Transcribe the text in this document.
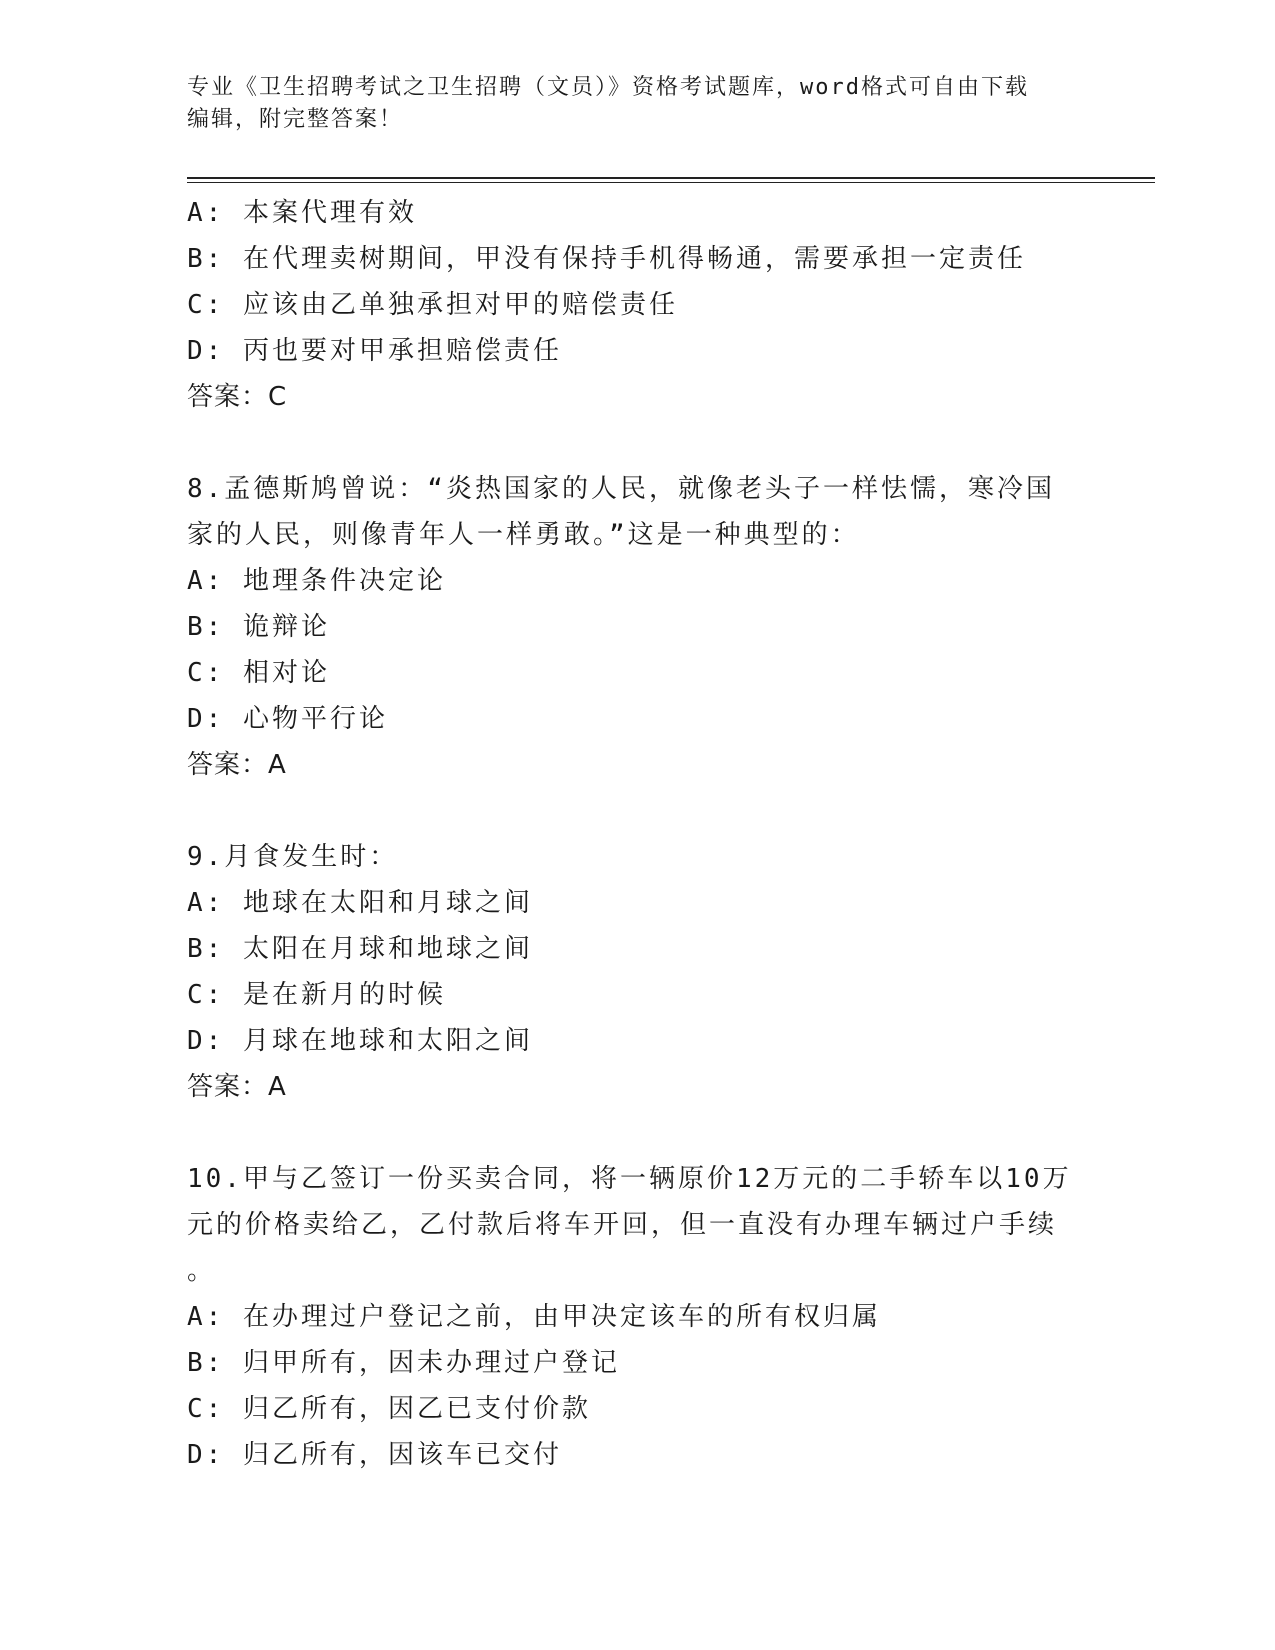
专业《卫生招聘考试之卫生招聘（文员）》资格考试题库，word格式可自由下载
编辑，附完整答案！
A: 本案代理有效
B: 在代理卖树期间，甲没有保持手机得畅通，需要承担一定责任
C: 应该由乙单独承担对甲的赔偿责任
D: 丙也要对甲承担赔偿责任
答案：C
8.孟德斯鸠曾说：“炎热国家的人民，就像老头子一样怯懦，寒冷国
家的人民，则像青年人一样勇敢。”这是一种典型的：
A: 地理条件决定论
B: 诡辩论
C: 相对论
D: 心物平行论
答案：A
9.月食发生时：
A: 地球在太阳和月球之间
B: 太阳在月球和地球之间
C: 是在新月的时候
D: 月球在地球和太阳之间
答案：A
10.甲与乙签订一份买卖合同，将一辆原价12万元的二手轿车以10万
元的价格卖给乙，乙付款后将车开回，但一直没有办理车辆过户手续
。
A: 在办理过户登记之前，由甲决定该车的所有权归属
B: 归甲所有，因未办理过户登记
C: 归乙所有，因乙已支付价款
D: 归乙所有，因该车已交付
